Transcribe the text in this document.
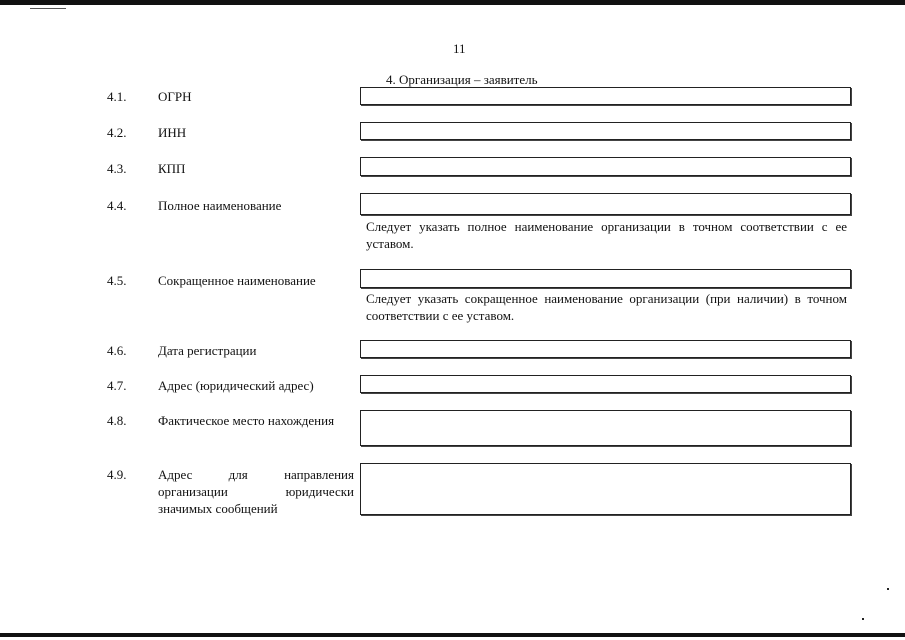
11
4. Организация – заявитель
4.1. ОГРН
4.2. ИНН
4.3. КПП
4.4. Полное наименование
Следует указать полное наименование организации в точном соответствии с ее уставом.
4.5. Сокращенное наименование
Следует указать сокращенное наименование организации (при наличии) в точном соответствии с ее уставом.
4.6. Дата регистрации
4.7. Адрес (юридический адрес)
4.8. Фактическое место нахождения
4.9. Адрес для направления организации юридически значимых сообщений
